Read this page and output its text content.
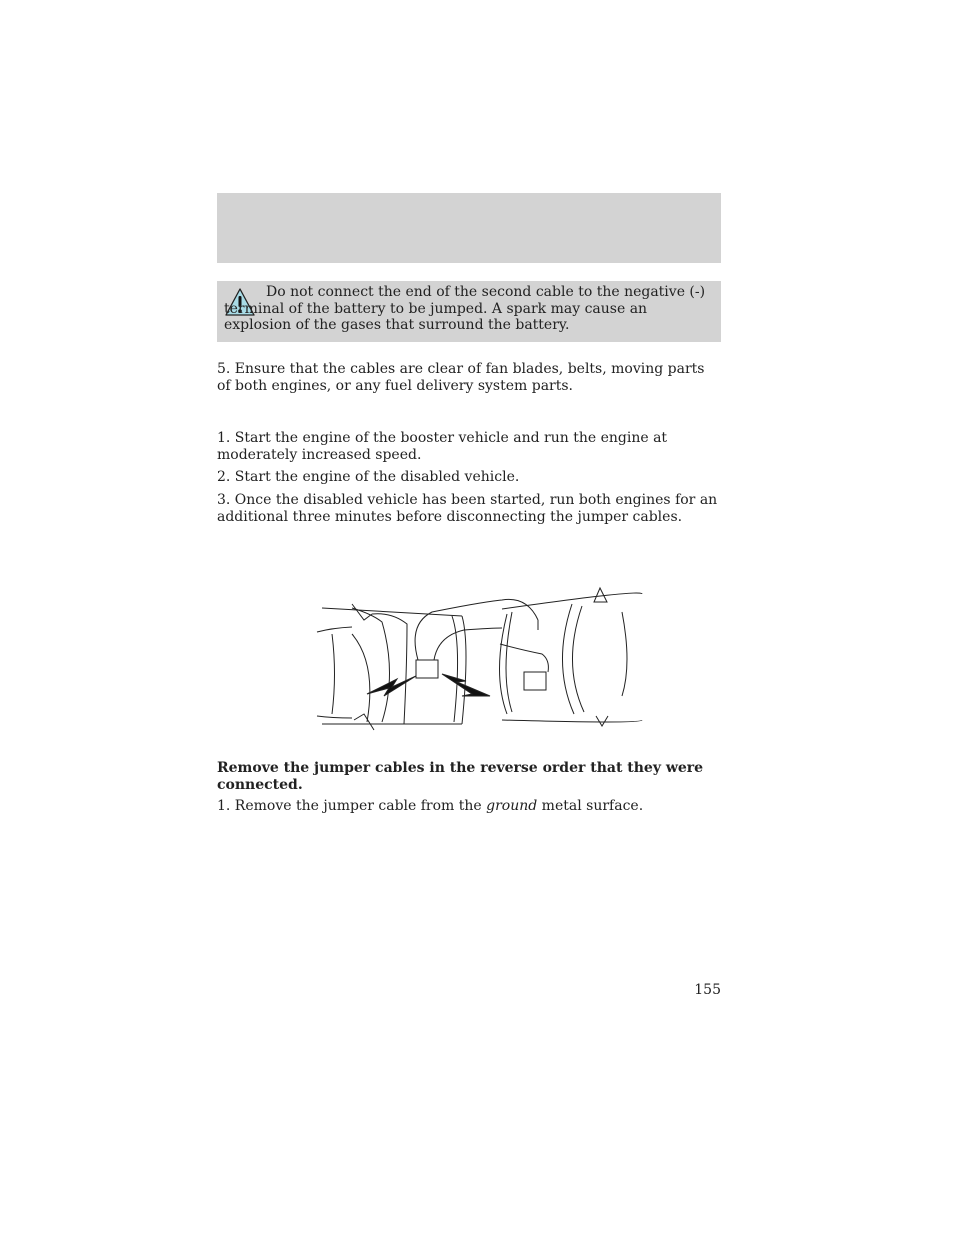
Do not connect the end of the second cable to the negative (-) terminal of the battery to be jumped. A spark may cause an explosion of the gases that surround the battery.

5. Ensure that the cables are clear of fan blades, belts, moving parts of both engines, or any fuel delivery system parts.

1. Start the engine of the booster vehicle and run the engine at moderately increased speed.

2. Start the engine of the disabled vehicle.

3. Once the disabled vehicle has been started, run both engines for an additional three minutes before disconnecting the jumper cables.

Remove the jumper cables in the reverse order that they were connected.

1. Remove the jumper cable from the ground metal surface.

155
